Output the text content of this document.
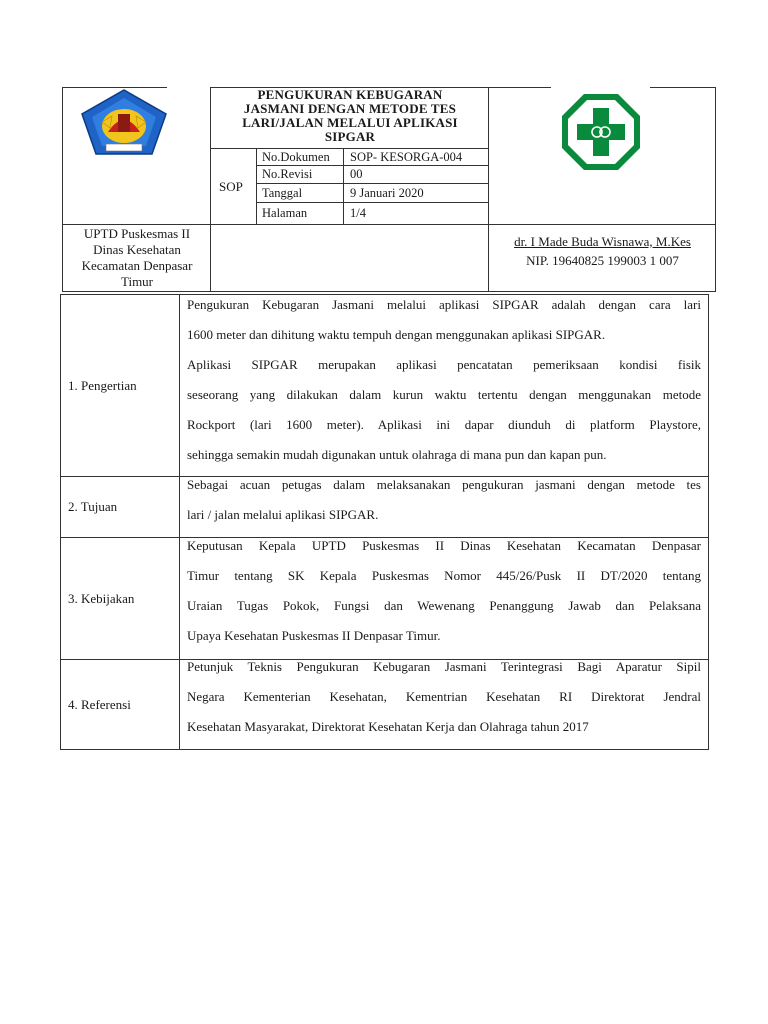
PENGUKURAN KEBUGARAN
JASMANI DENGAN METODE TES
LARI/JALAN MELALUI APLIKASI
SIPGAR
SOP
No.Dokumen SOP- KESORGA-004
No.Revisi	00
Tanggal	9 Januari 2020
Halaman	1/4
UPTD Puskesmas II
Dinas Kesehatan
Kecamatan Denpasar
Timur
dr. I Made Buda Wisnawa, M.Kes
NIP. 19640825 199003 1 007
1. Pengertian

Pengukuran Kebugaran Jasmani melalui aplikasi SIPGAR adalah dengan cara lari

1600 meter dan dihitung waktu tempuh dengan menggunakan aplikasi SIPGAR.

Aplikasi SIPGAR merupakan aplikasi pencatatan pemeriksaan kondisi fisik

seseorang yang dilakukan dalam kurun waktu tertentu dengan menggunakan metode

Rockport (lari 1600 meter). Aplikasi ini dapar diunduh di platform Playstore,

sehingga semakin mudah digunakan untuk olahraga di mana pun dan kapan pun.

2. Tujuan

Sebagai acuan petugas dalam melaksanakan pengukuran jasmani dengan metode tes

lari / jalan melalui aplikasi SIPGAR.

3. Kebijakan

Keputusan Kepala UPTD Puskesmas II Dinas Kesehatan Kecamatan Denpasar

Timur tentang SK Kepala Puskesmas Nomor 445/26/Pusk II DT/2020 tentang

Uraian Tugas Pokok, Fungsi dan Wewenang Penanggung Jawab dan Pelaksana

Upaya Kesehatan Puskesmas II Denpasar Timur.

4. Referensi

Petunjuk Teknis Pengukuran Kebugaran Jasmani Terintegrasi Bagi Aparatur Sipil

Negara Kementerian Kesehatan, Kementrian Kesehatan RI Direktorat Jendral

Kesehatan Masyarakat, Direktorat Kesehatan Kerja dan Olahraga tahun 2017
